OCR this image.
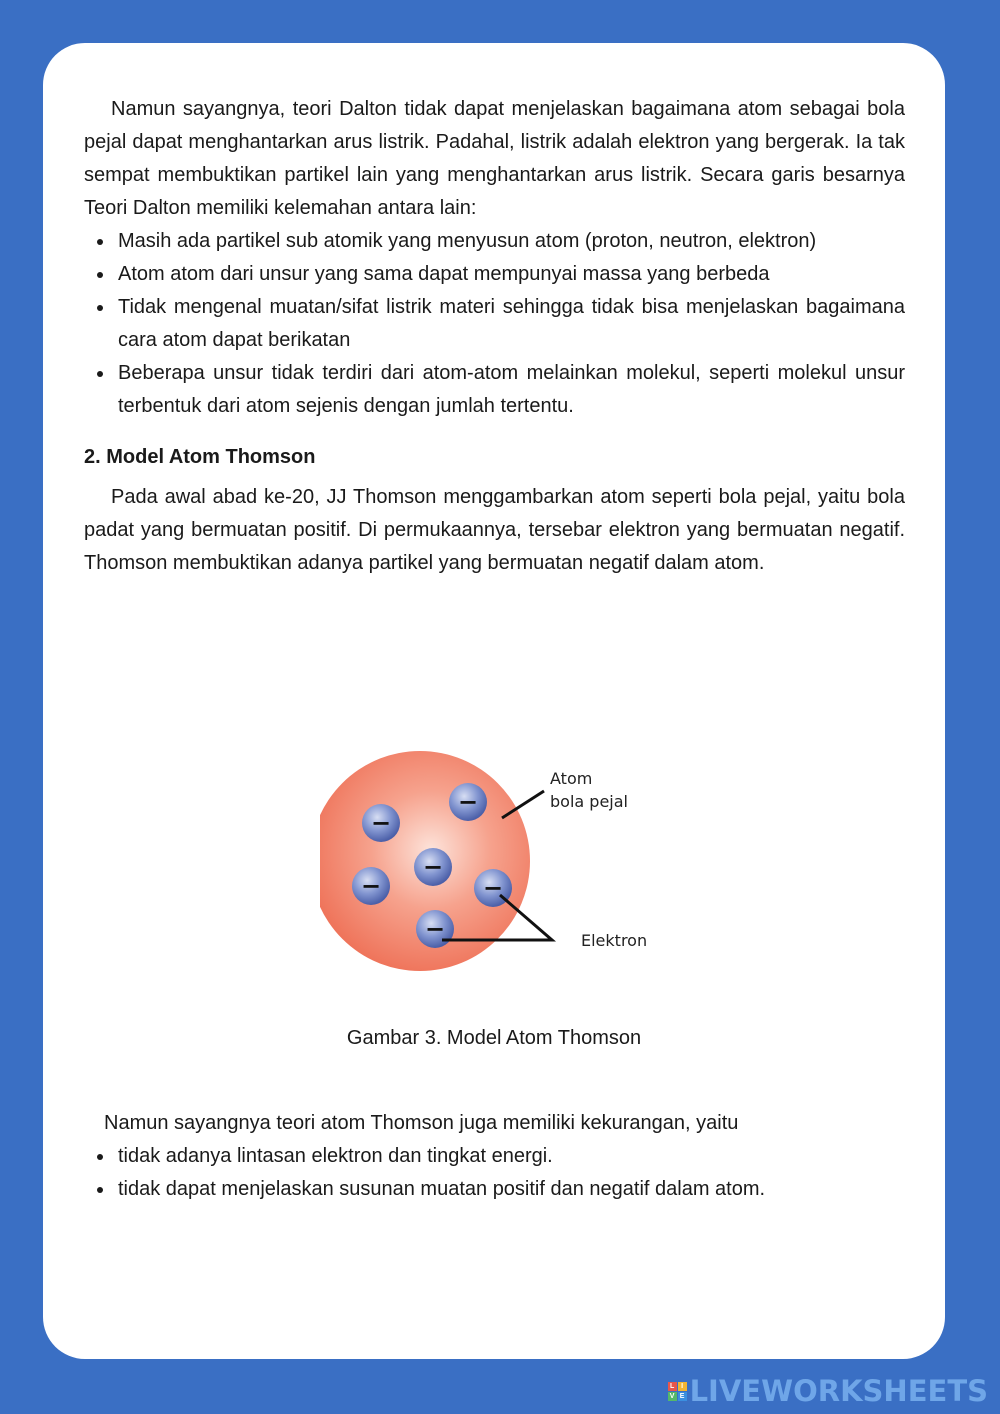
Namun sayangnya, teori Dalton tidak dapat menjelaskan bagaimana atom sebagai bola pejal dapat menghantarkan arus listrik. Padahal, listrik adalah elektron yang bergerak. Ia tak sempat membuktikan partikel lain yang menghantarkan arus listrik. Secara garis besarnya Teori Dalton memiliki kelemahan antara lain:

Masih ada partikel sub atomik yang menyusun atom (proton, neutron, elektron)
Atom atom dari unsur yang sama dapat mempunyai massa yang berbeda
Tidak mengenal muatan/sifat listrik materi sehingga tidak bisa menjelaskan bagaimana cara atom dapat berikatan
Beberapa unsur tidak terdiri dari atom-atom melainkan molekul, seperti molekul unsur terbentuk dari atom sejenis dengan jumlah tertentu.
2. Model Atom Thomson

Pada awal abad ke-20, JJ Thomson menggambarkan atom seperti bola pejal, yaitu bola padat yang bermuatan positif. Di permukaannya, tersebar elektron yang bermuatan negatif. Thomson membuktikan adanya partikel yang bermuatan negatif dalam atom.

−
−
−
−	−
−
Atom
bola pejal
Elektron
Gambar 3. Model Atom Thomson

Namun sayangnya teori atom Thomson juga memiliki kekurangan, yaitu

tidak adanya lintasan elektron dan tingkat energi.
tidak dapat menjelaskan susunan muatan positif dan negatif dalam atom.
L I
V E LIVEWORKSHEETS
